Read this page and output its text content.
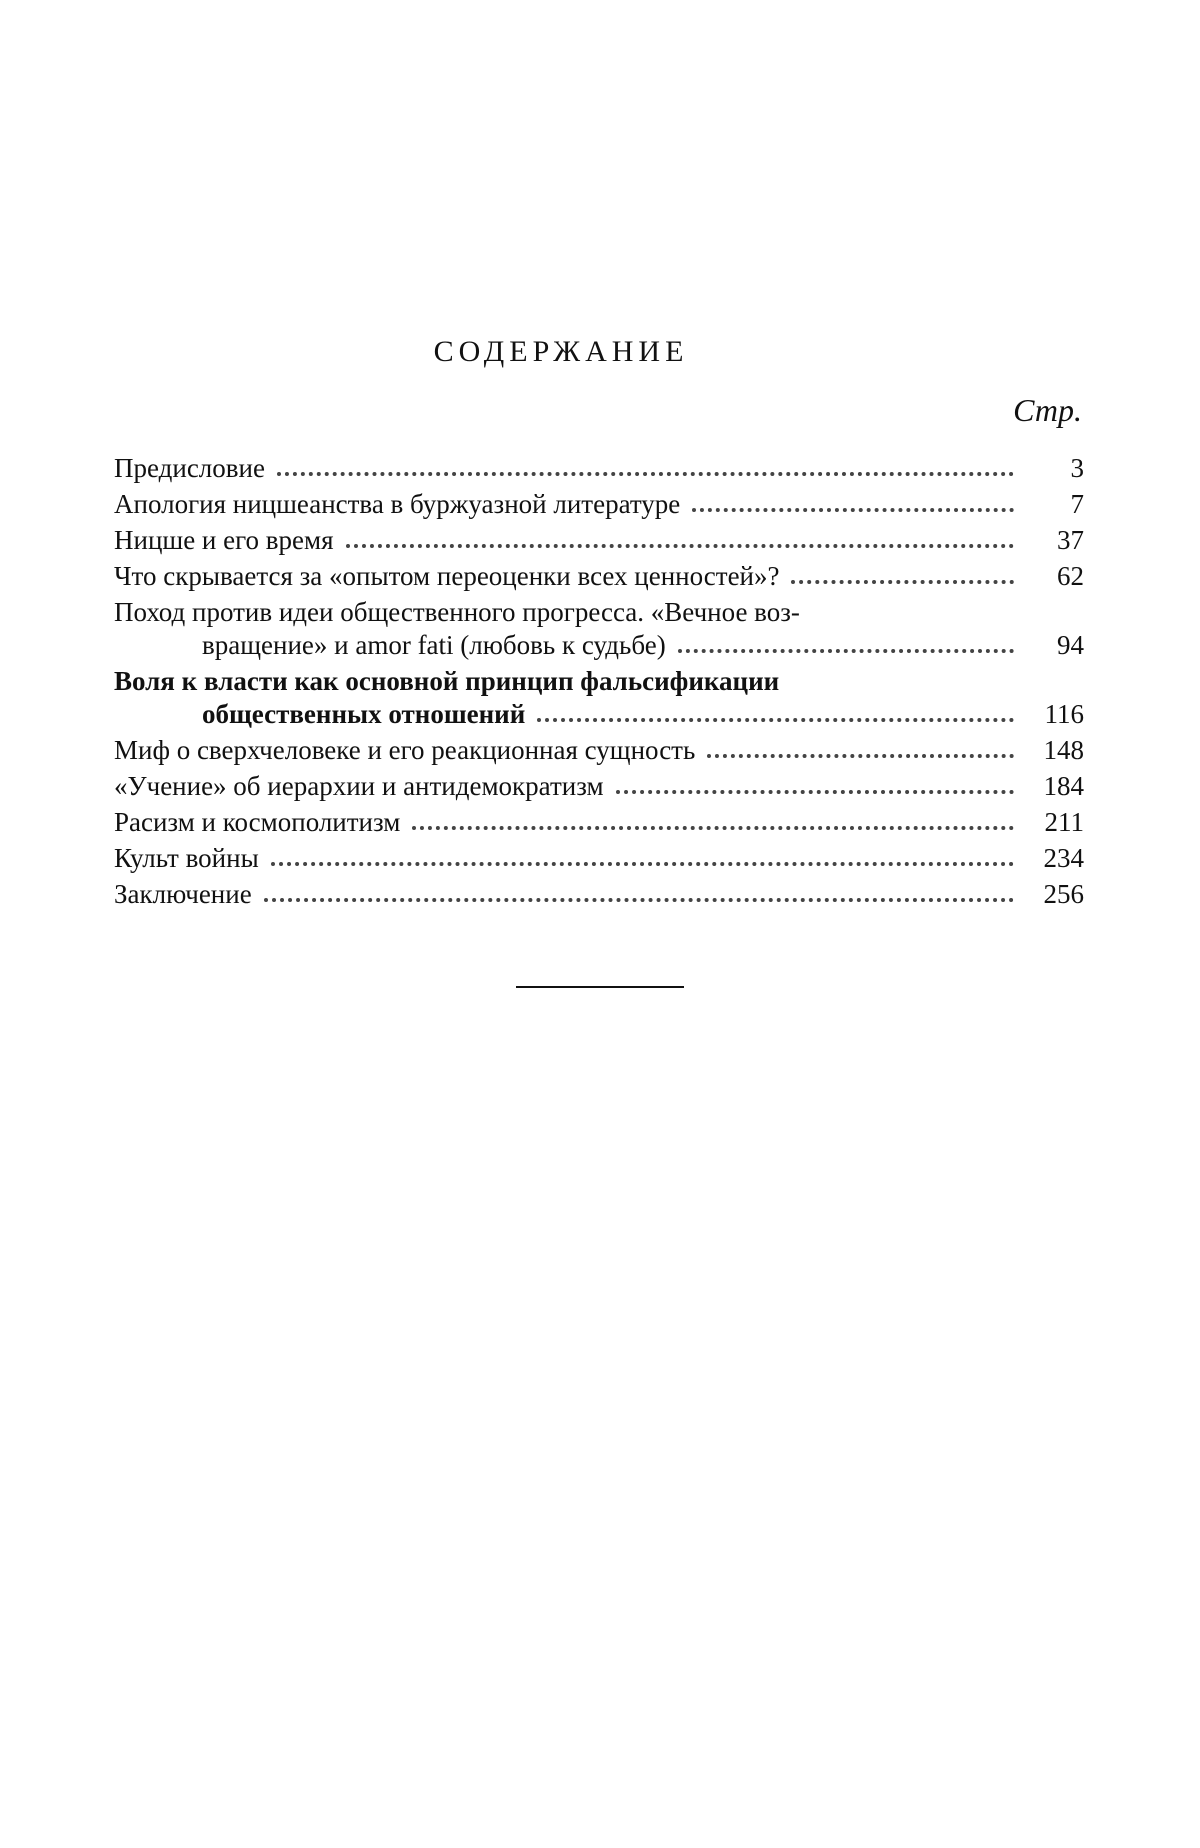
СОДЕРЖАНИЕ
Стр.
Предисловие	3
Апология ницшеанства в буржуазной литературе	7
Ницше и его время	37
Что скрывается за «опытом переоценки всех ценностей»?	62
Поход против идеи общественного прогресса. «Вечное воз-
вращение» и amor fati (любовь к судьбе)	94
Воля к власти как основной принцип фальсификации
общественных отношений	116
Миф о сверхчеловеке и его реакционная сущность	148
«Учение» об иерархии и антидемократизм	184
Расизм и космополитизм	211
Культ войны	234
Заключение	256
